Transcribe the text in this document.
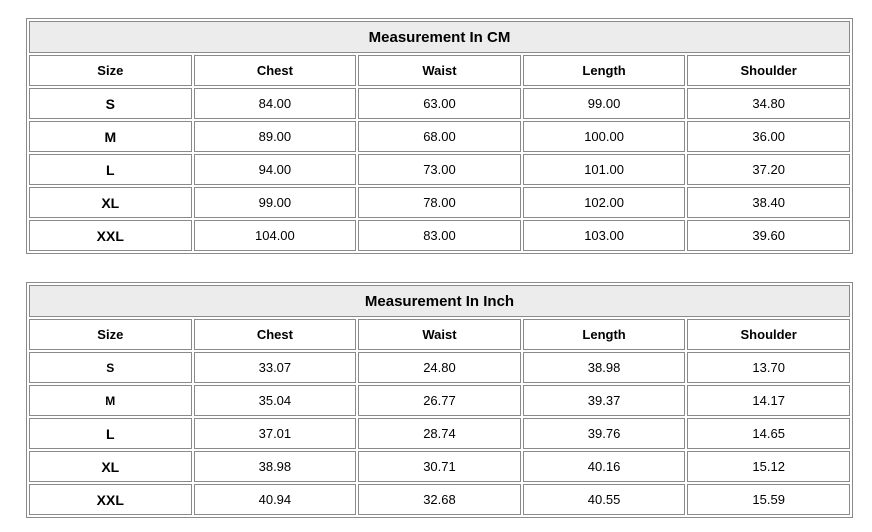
Measurement In CM				
Size	Chest	Waist	Length	Shoulder
S	84.00	63.00	99.00	34.80
M	89.00	68.00	100.00	36.00
L	94.00	73.00	101.00	37.20
XL	99.00	78.00	102.00	38.40
XXL	104.00	83.00	103.00	39.60
Measurement In Inch				
Size	Chest	Waist	Length	Shoulder
S	33.07	24.80	38.98	13.70
M	35.04	26.77	39.37	14.17
L	37.01	28.74	39.76	14.65
XL	38.98	30.71	40.16	15.12
XXL	40.94	32.68	40.55	15.59
